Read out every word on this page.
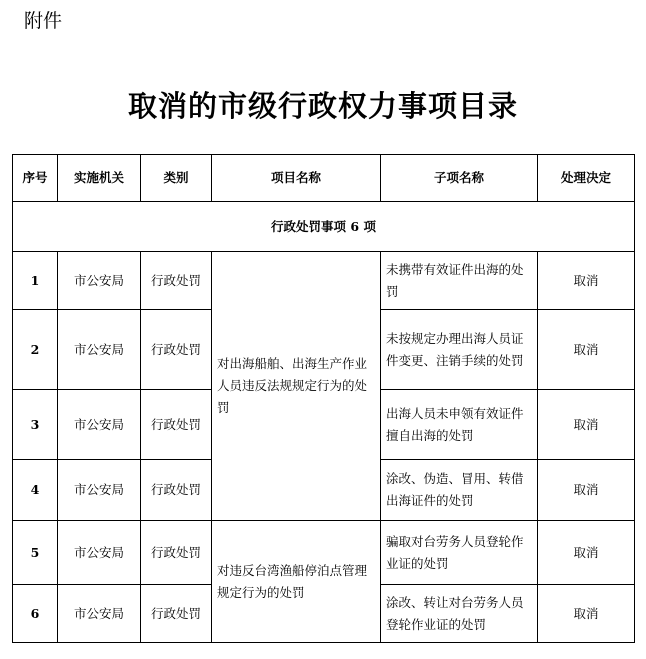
附件
取消的市级行政权力事项目录
序号	实施机关	类别	项目名称	子项名称	处理决定
行政处罚事项 6 项					
1	市公安局	行政处罚	对出海船舶、出海生产作业人员违反法规规定行为的处罚	未携带有效证件出海的处罚	取消
2	市公安局	行政处罚		未按规定办理出海人员证件变更、注销手续的处罚	取消
3	市公安局	行政处罚		出海人员未申领有效证件擅自出海的处罚	取消
4	市公安局	行政处罚		涂改、伪造、冒用、转借出海证件的处罚	取消
5	市公安局	行政处罚	对违反台湾渔船停泊点管理规定行为的处罚	骗取对台劳务人员登轮作业证的处罚	取消
6	市公安局	行政处罚		涂改、转让对台劳务人员登轮作业证的处罚	取消
